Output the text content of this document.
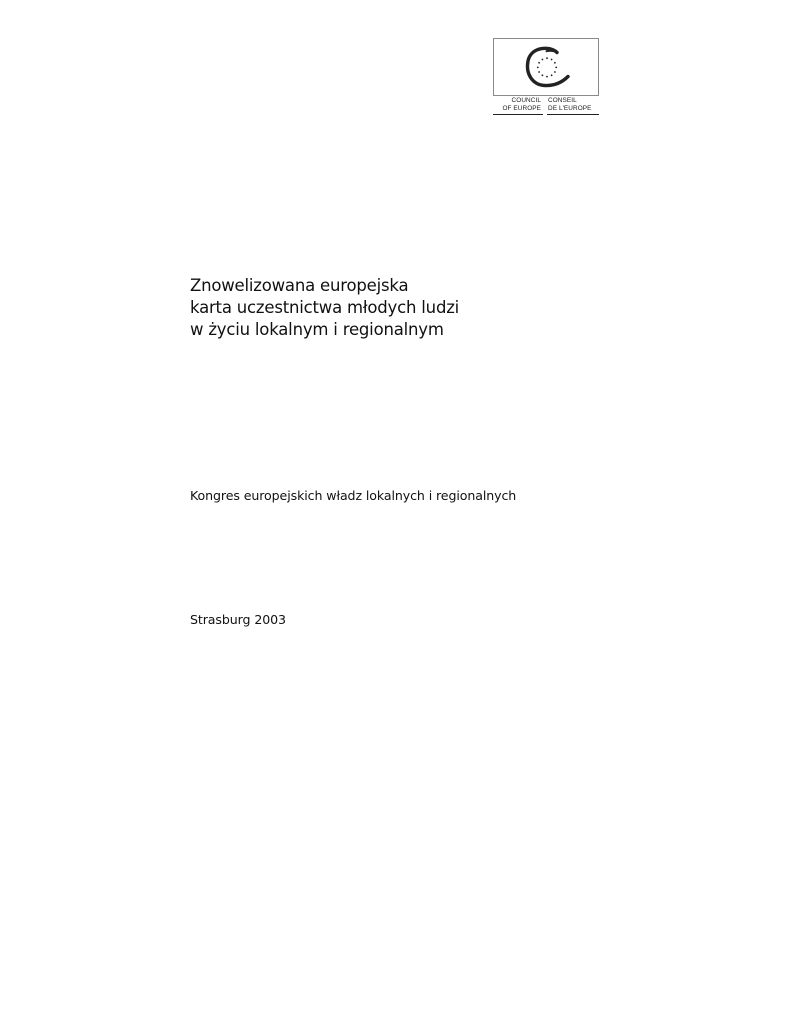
COUNCIL
OF EUROPE
CONSEIL
DE L'EUROPE
Znowelizowana europejska
karta uczestnictwa młodych ludzi
w życiu lokalnym i regionalnym
Kongres europejskich władz lokalnych i regionalnych
Strasburg 2003
